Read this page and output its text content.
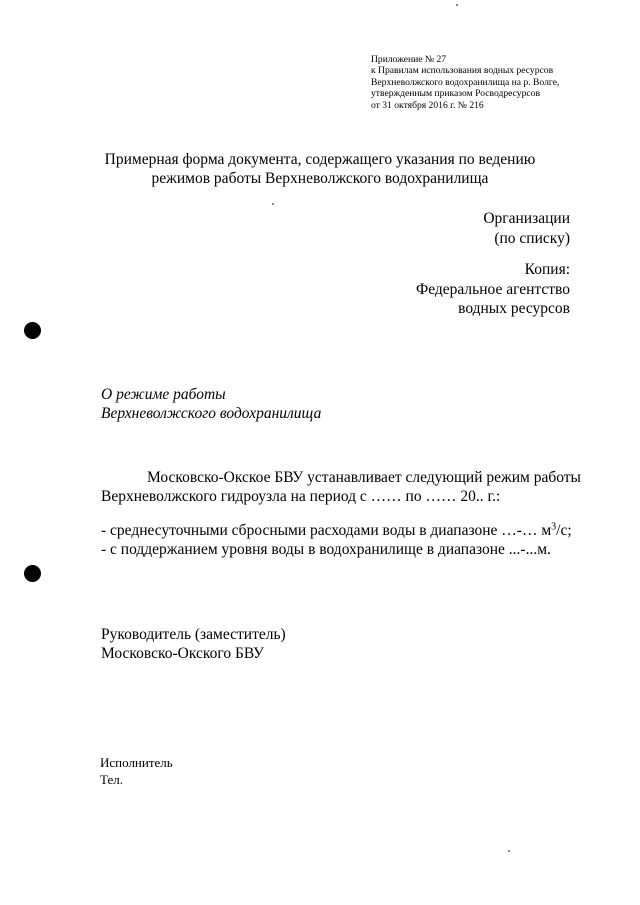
Приложение № 27
к Правилам использования водных ресурсов
Верхневолжского водохранилища на р. Волге,
утвержденным приказом Росводресурсов
от 31 октября 2016 г. № 216
Примерная форма документа, содержащего указания по ведению
режимов работы Верхневолжского водохранилища
Организации
(по списку)
Копия:
Федеральное агентство
водных ресурсов
О режиме работы
Верхневолжского водохранилища
Московско-Окское БВУ устанавливает следующий режим работы
Верхневолжского гидроузла на период с …… по …… 20.. г.:
- среднесуточными сбросными расходами воды в диапазоне …-… $м^3/с$;
- с поддержанием уровня воды в водохранилище в диапазоне ...-...м.
Руководитель (заместитель)
Московско-Окского БВУ
Исполнитель
Тел.
